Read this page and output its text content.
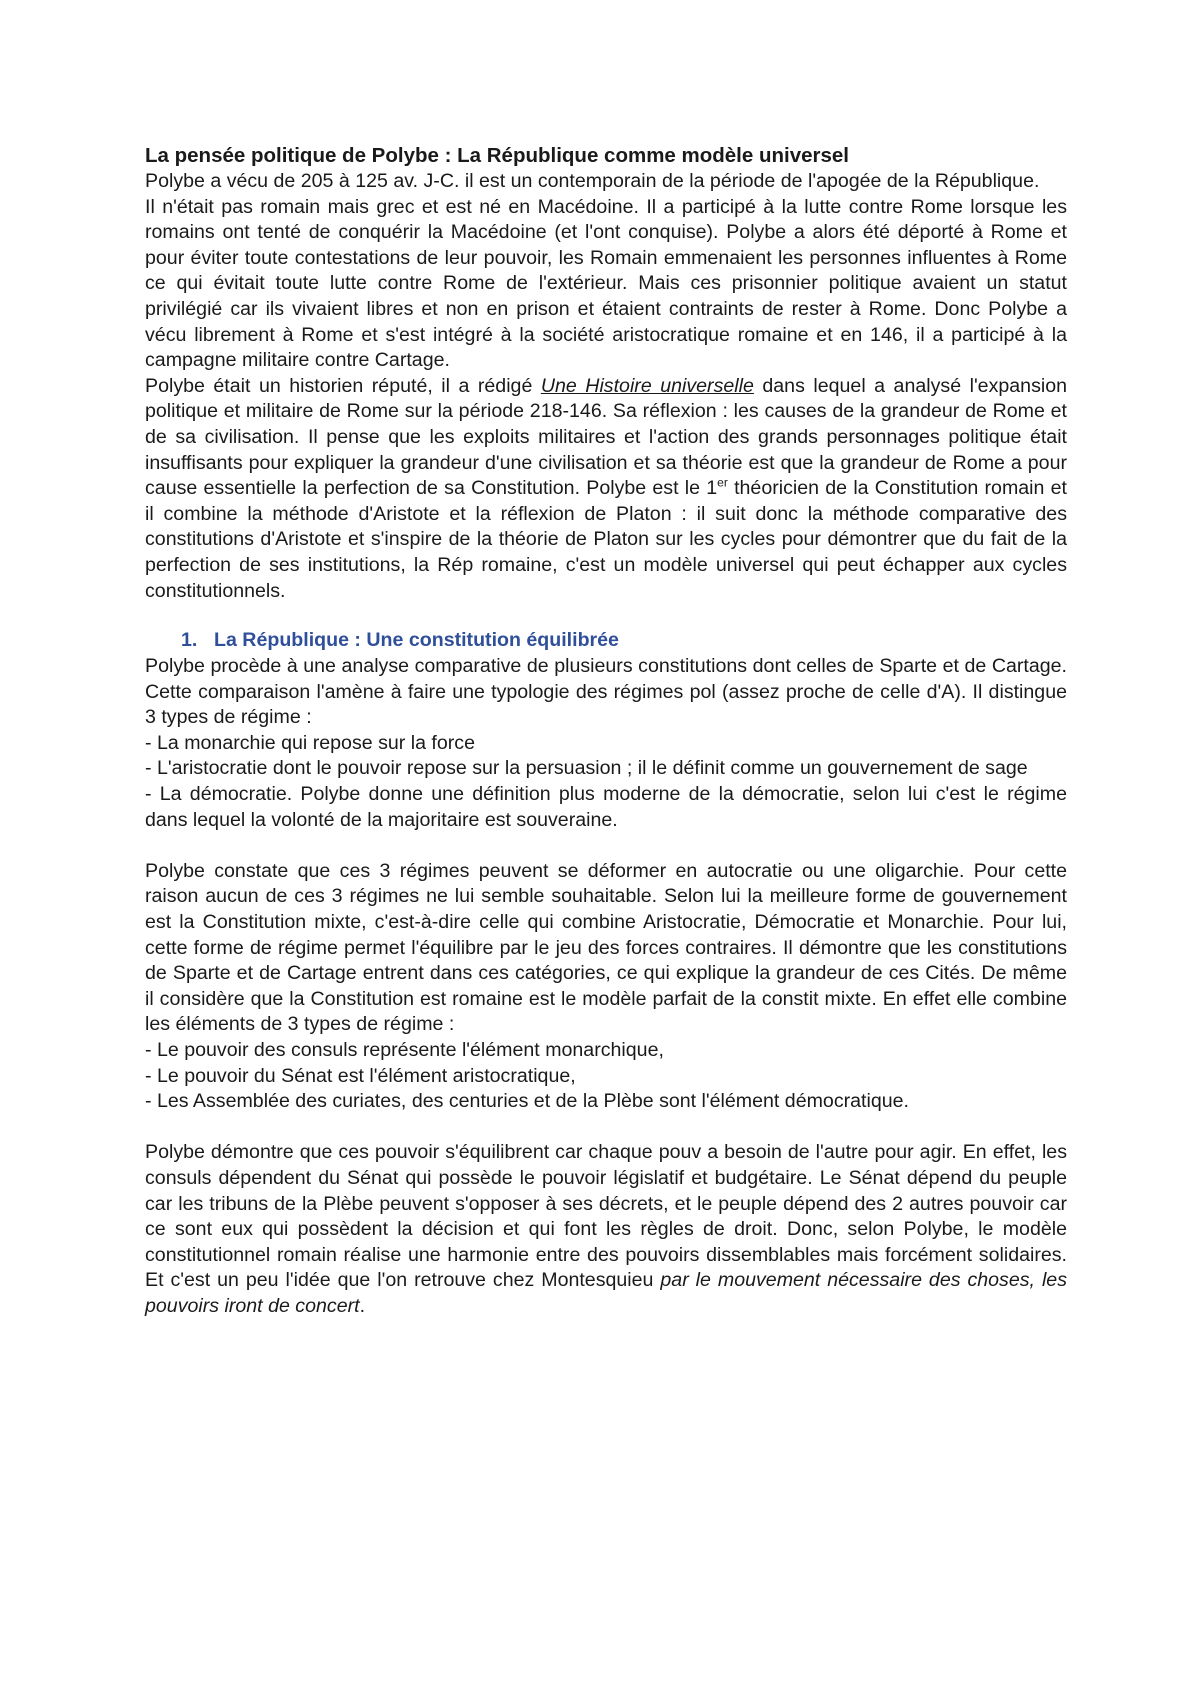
La pensée politique de Polybe : La République comme modèle universel

Polybe a vécu de 205 à 125 av. J-C. il est un contemporain de la période de l'apogée de la République.

Il n'était pas romain mais grec et est né en Macédoine. Il a participé à la lutte contre Rome lorsque les romains ont tenté de conquérir la Macédoine (et l'ont conquise). Polybe a alors été déporté à Rome et pour éviter toute contestations de leur pouvoir, les Romain emmenaient les personnes influentes à Rome ce qui évitait toute lutte contre Rome de l'extérieur. Mais ces prisonnier politique avaient un statut privilégié car ils vivaient libres et non en prison et étaient contraints de rester à Rome. Donc Polybe a vécu librement à Rome et s'est intégré à la société aristocratique romaine et en 146, il a participé à la campagne militaire contre Cartage.

Polybe était un historien réputé, il a rédigé Une Histoire universelle dans lequel a analysé l'expansion politique et militaire de Rome sur la période 218-146. Sa réflexion : les causes de la grandeur de Rome et de sa civilisation. Il pense que les exploits militaires et l'action des grands personnages politique était insuffisants pour expliquer la grandeur d'une civilisation et sa théorie est que la grandeur de Rome a pour cause essentielle la perfection de sa Constitution. Polybe est le 1er théoricien de la Constitution romain et il combine la méthode d'Aristote et la réflexion de Platon : il suit donc la méthode comparative des constitutions d'Aristote et s'inspire de la théorie de Platon sur les cycles pour démontrer que du fait de la perfection de ses institutions, la Rép romaine, c'est un modèle universel qui peut échapper aux cycles constitutionnels.

1. La République : Une constitution équilibrée

Polybe procède à une analyse comparative de plusieurs constitutions dont celles de Sparte et de Cartage. Cette comparaison l'amène à faire une typologie des régimes pol (assez proche de celle d'A). Il distingue 3 types de régime :

- La monarchie qui repose sur la force

- L'aristocratie dont le pouvoir repose sur la persuasion ; il le définit comme un gouvernement de sage

- La démocratie. Polybe donne une définition plus moderne de la démocratie, selon lui c'est le régime dans lequel la volonté de la majoritaire est souveraine.

Polybe constate que ces 3 régimes peuvent se déformer en autocratie ou une oligarchie. Pour cette raison aucun de ces 3 régimes ne lui semble souhaitable. Selon lui la meilleure forme de gouvernement est la Constitution mixte, c'est-à-dire celle qui combine Aristocratie, Démocratie et Monarchie. Pour lui, cette forme de régime permet l'équilibre par le jeu des forces contraires. Il démontre que les constitutions de Sparte et de Cartage entrent dans ces catégories, ce qui explique la grandeur de ces Cités. De même il considère que la Constitution est romaine est le modèle parfait de la constit mixte. En effet elle combine les éléments de 3 types de régime :

- Le pouvoir des consuls représente l'élément monarchique,

- Le pouvoir du Sénat est l'élément aristocratique,

- Les Assemblée des curiates, des centuries et de la Plèbe sont l'élément démocratique.

Polybe démontre que ces pouvoir s'équilibrent car chaque pouv a besoin de l'autre pour agir. En effet, les consuls dépendent du Sénat qui possède le pouvoir législatif et budgétaire. Le Sénat dépend du peuple car les tribuns de la Plèbe peuvent s'opposer à ses décrets, et le peuple dépend des 2 autres pouvoir car ce sont eux qui possèdent la décision et qui font les règles de droit. Donc, selon Polybe, le modèle constitutionnel romain réalise une harmonie entre des pouvoirs dissemblables mais forcément solidaires. Et c'est un peu l'idée que l'on retrouve chez Montesquieu par le mouvement nécessaire des choses, les pouvoirs iront de concert.
